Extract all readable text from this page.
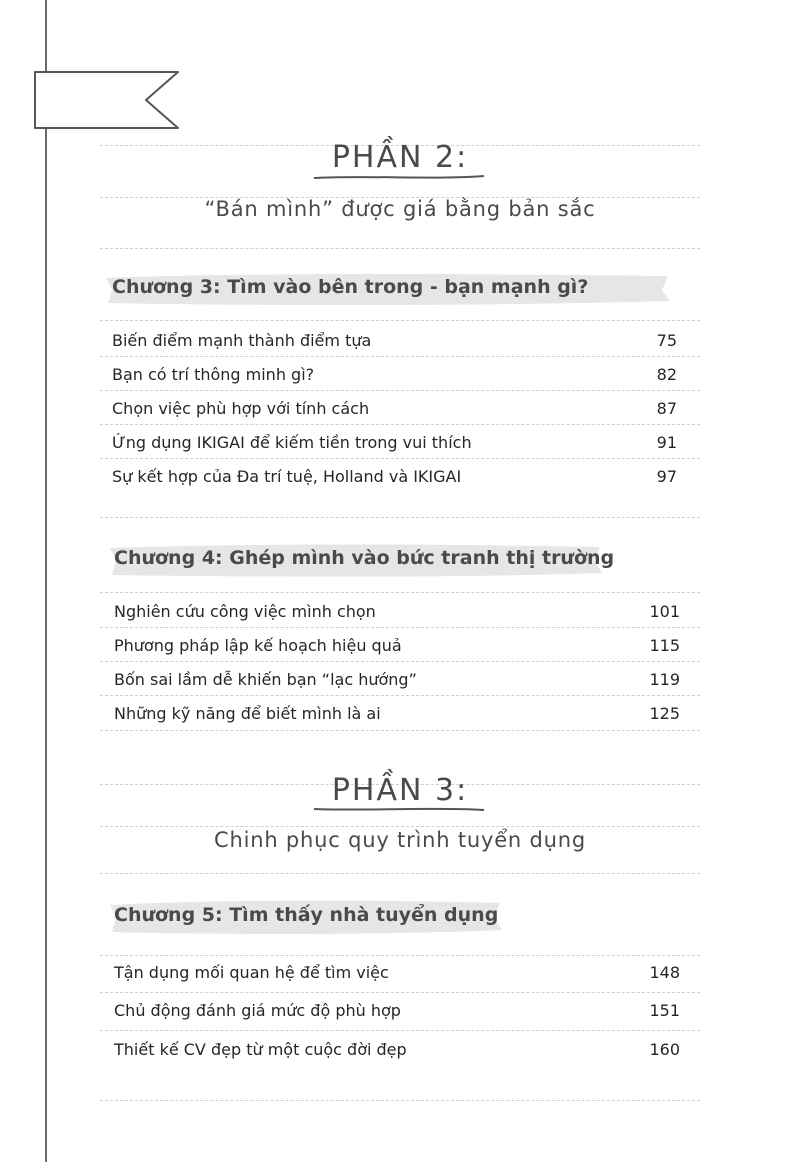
PHẦN 2:
“Bán mình” được giá bằng bản sắc
Chương 3: Tìm vào bên trong - bạn mạnh gì?
Biến điểm mạnh thành điểm tựa	75
Bạn có trí thông minh gì?	82
Chọn việc phù hợp với tính cách	87
Ứng dụng IKIGAI để kiếm tiền trong vui thích	91
Sự kết hợp của Đa trí tuệ, Holland và IKIGAI	97
Chương 4: Ghép mình vào bức tranh thị trường
Nghiên cứu công việc mình chọn	101
Phương pháp lập kế hoạch hiệu quả	115
Bốn sai lầm dễ khiến bạn “lạc hướng”	119
Những kỹ năng để biết mình là ai	125
PHẦN 3:
Chinh phục quy trình tuyển dụng
Chương 5: Tìm thấy nhà tuyển dụng
Tận dụng mối quan hệ để tìm việc	148
Chủ động đánh giá mức độ phù hợp	151
Thiết kế CV đẹp từ một cuộc đời đẹp	160
